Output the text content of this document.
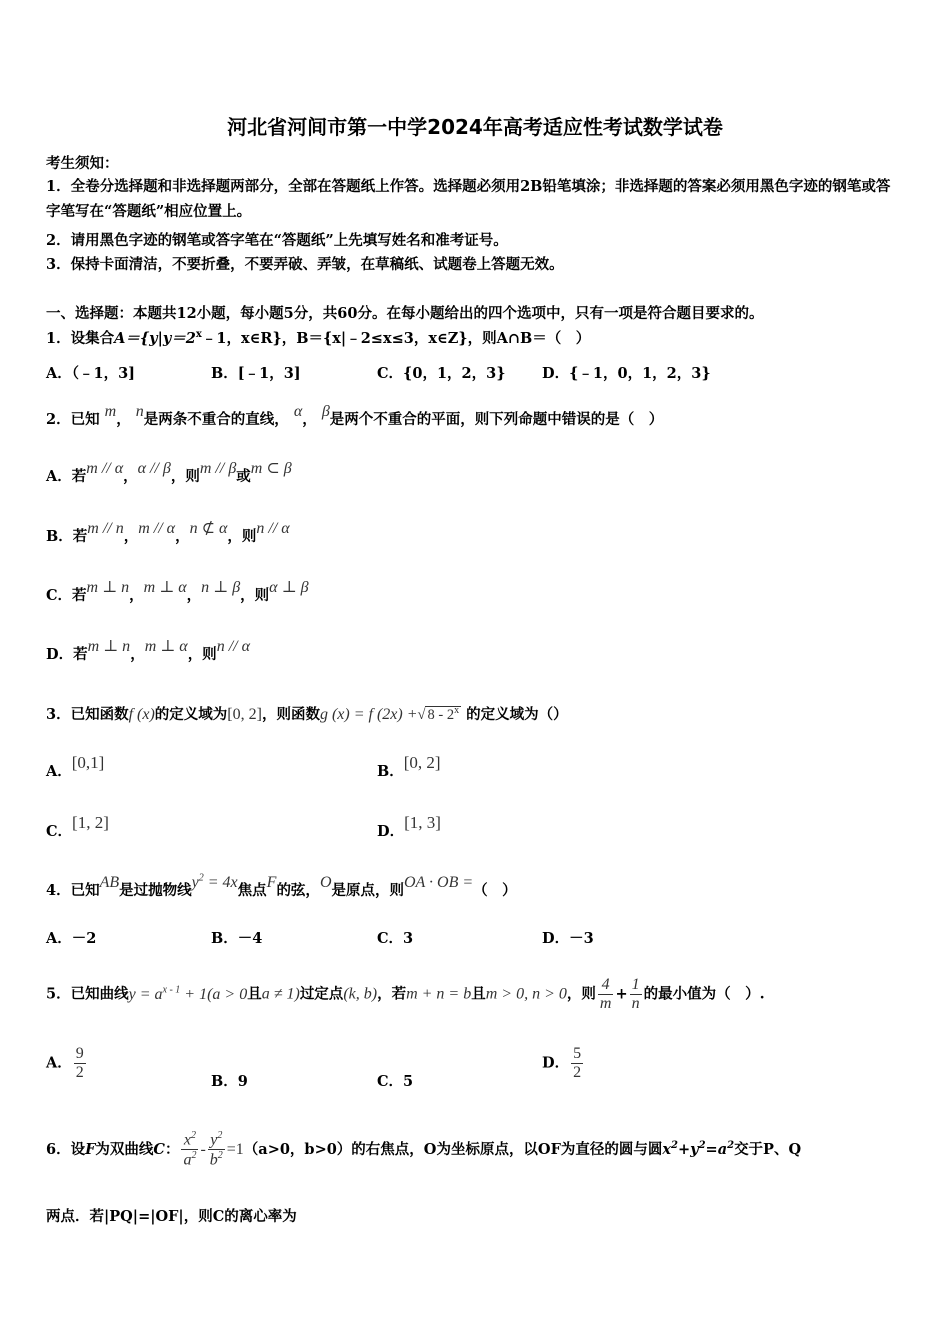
河北省河间市第一中学2024年高考适应性考试数学试卷
考生须知：
1．全卷分选择题和非选择题两部分，全部在答题纸上作答。选择题必须用2B铅笔填涂；非选择题的答案必须用黑色字迹的钢笔或答字笔写在“答题纸”相应位置上。
2．请用黑色字迹的钢笔或答字笔在“答题纸”上先填写姓名和准考证号。
3．保持卡面清洁，不要折叠，不要弄破、弄皱，在草稿纸、试题卷上答题无效。
一、选择题：本题共12小题，每小题5分，共60分。在每小题给出的四个选项中，只有一项是符合题目要求的。
1．设集合$A=\{y|y=2^x﹣1$，x∈R}，B＝{x|﹣2≤x≤3，x∈Z}，则A∩B＝（　）
A．（﹣1，3]	B．[﹣1，3]	C．{0，1，2，3}	D．{﹣1，0，1，2，3}
2．已知 m， n是两条不重合的直线， α， β是两个不重合的平面，则下列命题中错误的是（　）
A．若m // α，α // β，则m // β或m ⊂ β
B．若m // n，m // α，n ⊄ α，则n // α
C．若m ⊥ n，m ⊥ α，n ⊥ β，则α ⊥ β
D．若m ⊥ n，m ⊥ α，则n // α
3．已知函数f (x)的定义域为[0, 2]，则函数g (x) = f (2x) +√ 8 - 2$^x$ 的定义域为（）
A．[0,1]	B．[0, 2]
C．[1, 2]	D．[1, 3]
4．已知AB是过抛物线$y^2 = 4x$焦点F的弦，O是原点，则OA · OB =（　）
A．－2	B．－4	C．3	D．－3
5．已知曲线$y = a^{x - 1} + 1(a > 0$且a ≠ 1)过定点(k, b)，若m + n = b且m > 0, n > 0，则 $\frac{4}{m} + \frac{1}{n}$ 的最小值为（　）.
A． $\frac{9}{2}$	B．9	C．5
D． $\frac{5}{2}$
6．设F为双曲线C： $\frac{x^2}{a^2} - \frac{y^2}{b^2} =1(a>0$，b>0）的右焦点，O为坐标原点，以OF为直径的圆与圆$x^2+y^2=a^2$交于P、Q
两点．若|PQ|=|OF|，则C的离心率为
